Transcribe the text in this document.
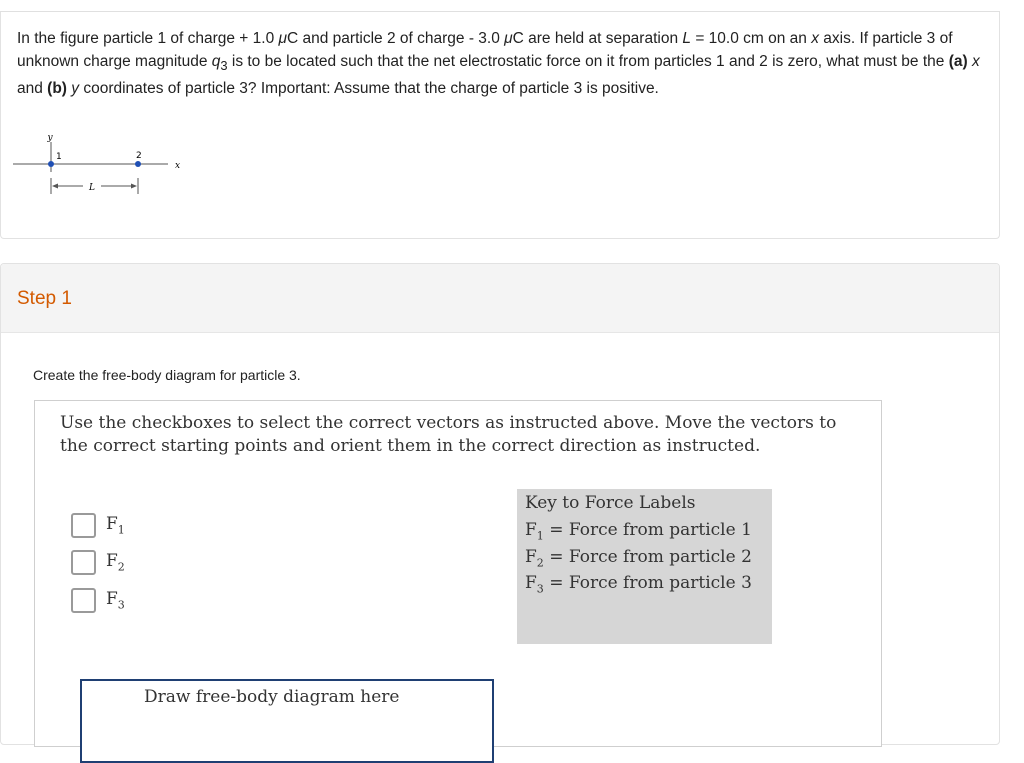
In the figure particle 1 of charge + 1.0 μC and particle 2 of charge - 3.0 μC are held at separation L = 10.0 cm on an x axis. If particle 3 of unknown charge magnitude $q_3$ is to be located such that the net electrostatic force on it from particles 1 and 2 is zero, what must be the (a) x and (b) y coordinates of particle 3? Important: Assume that the charge of particle 3 is positive.
y
x
1	2
L
Step 1
Create the free-body diagram for particle 3.
Use the checkboxes to select the correct vectors as instructed above. Move the vectors to the correct starting points and orient them in the correct direction as instructed.
$F_1$
$F_2$
$F_3$
Key to Force Labels
$F_1$ = Force from particle 1
$F_2$ = Force from particle 2
$F_3$ = Force from particle 3
Draw free-body diagram here
